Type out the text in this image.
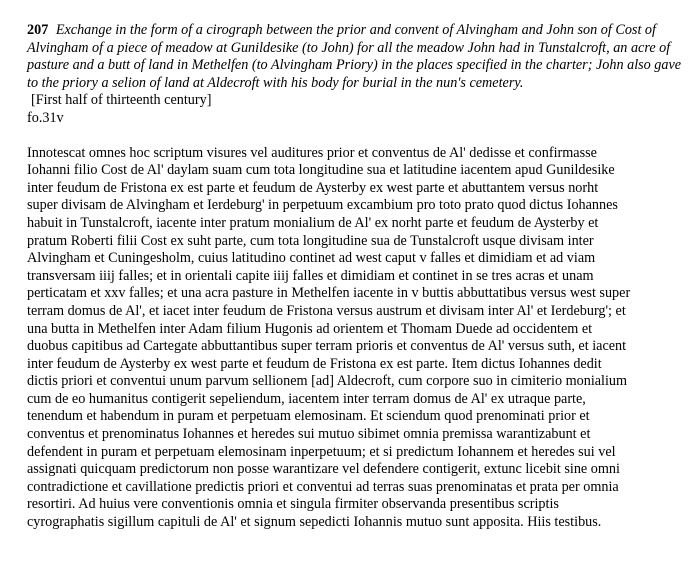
207 Exchange in the form of a cirograph between the prior and convent of Alvingham and John son of Cost of Alvingham of a piece of meadow at Gunildesike (to John) for all the meadow John had in Tunstalcroft, an acre of pasture and a butt of land in Methelfen (to Alvingham Priory) in the places specified in the charter; John also gave to the priory a selion of land at Aldecroft with his body for burial in the nun's cemetery.

[First half of thirteenth century]

fo.31v

Innotescat omnes hoc scriptum visures vel auditures prior et conventus de Al' dedisse et confirmasse
Iohanni filio Cost de Al' daylam suam cum tota longitudine sua et latitudine iacentem apud Gunildesike
inter feudum de Fristona ex est parte et feudum de Aysterby ex west parte et abuttantem versus norht
super divisam de Alvingham et Ierdeburg' in perpetuum excambium pro toto prato quod dictus Iohannes
habuit in Tunstalcroft, iacente inter pratum monialium de Al' ex norht parte et feudum de Aysterby et
pratum Roberti filii Cost ex suht parte, cum tota longitudine sua de Tunstalcroft usque divisam inter
Alvingham et Cuningesholm, cuius latitudino continet ad west caput v falles et dimidiam et ad viam
transversam iiij falles; et in orientali capite iiij falles et dimidiam et continet in se tres acras et unam
perticatam et xxv falles; et una acra pasture in Methelfen iacente in v buttis abbuttatibus versus west super
terram domus de Al', et iacet inter feudum de Fristona versus austrum et divisam inter Al' et Ierdeburg'; et
una butta in Methelfen inter Adam filium Hugonis ad orientem et Thomam Duede ad occidentem et
duobus capitibus ad Cartegate abbuttantibus super terram prioris et conventus de Al' versus suth, et iacent
inter feudum de Aysterby ex west parte et feudum de Fristona ex est parte. Item dictus Iohannes dedit
dictis priori et conventui unum parvum sellionem [ad] Aldecroft, cum corpore suo in cimiterio monialium
cum de eo humanitus contigerit sepeliendum, iacentem inter terram domus de Al' ex utraque parte,
tenendum et habendum in puram et perpetuam elemosinam. Et sciendum quod prenominati prior et
conventus et prenominatus Iohannes et heredes sui mutuo sibimet omnia premissa warantizabunt et
defendent in puram et perpetuam elemosinam inperpetuum; et si predictum Iohannem et heredes sui vel
assignati quicquam predictorum non posse warantizare vel defendere contigerit, extunc licebit sine omni
contradictione et cavillatione predictis priori et conventui ad terras suas prenominatas et prata per omnia
resortiri. Ad huius vere conventionis omnia et singula firmiter observanda presentibus scriptis
cyrographatis sigillum capituli de Al' et signum sepedicti Iohannis mutuo sunt apposita. Hiis testibus.
